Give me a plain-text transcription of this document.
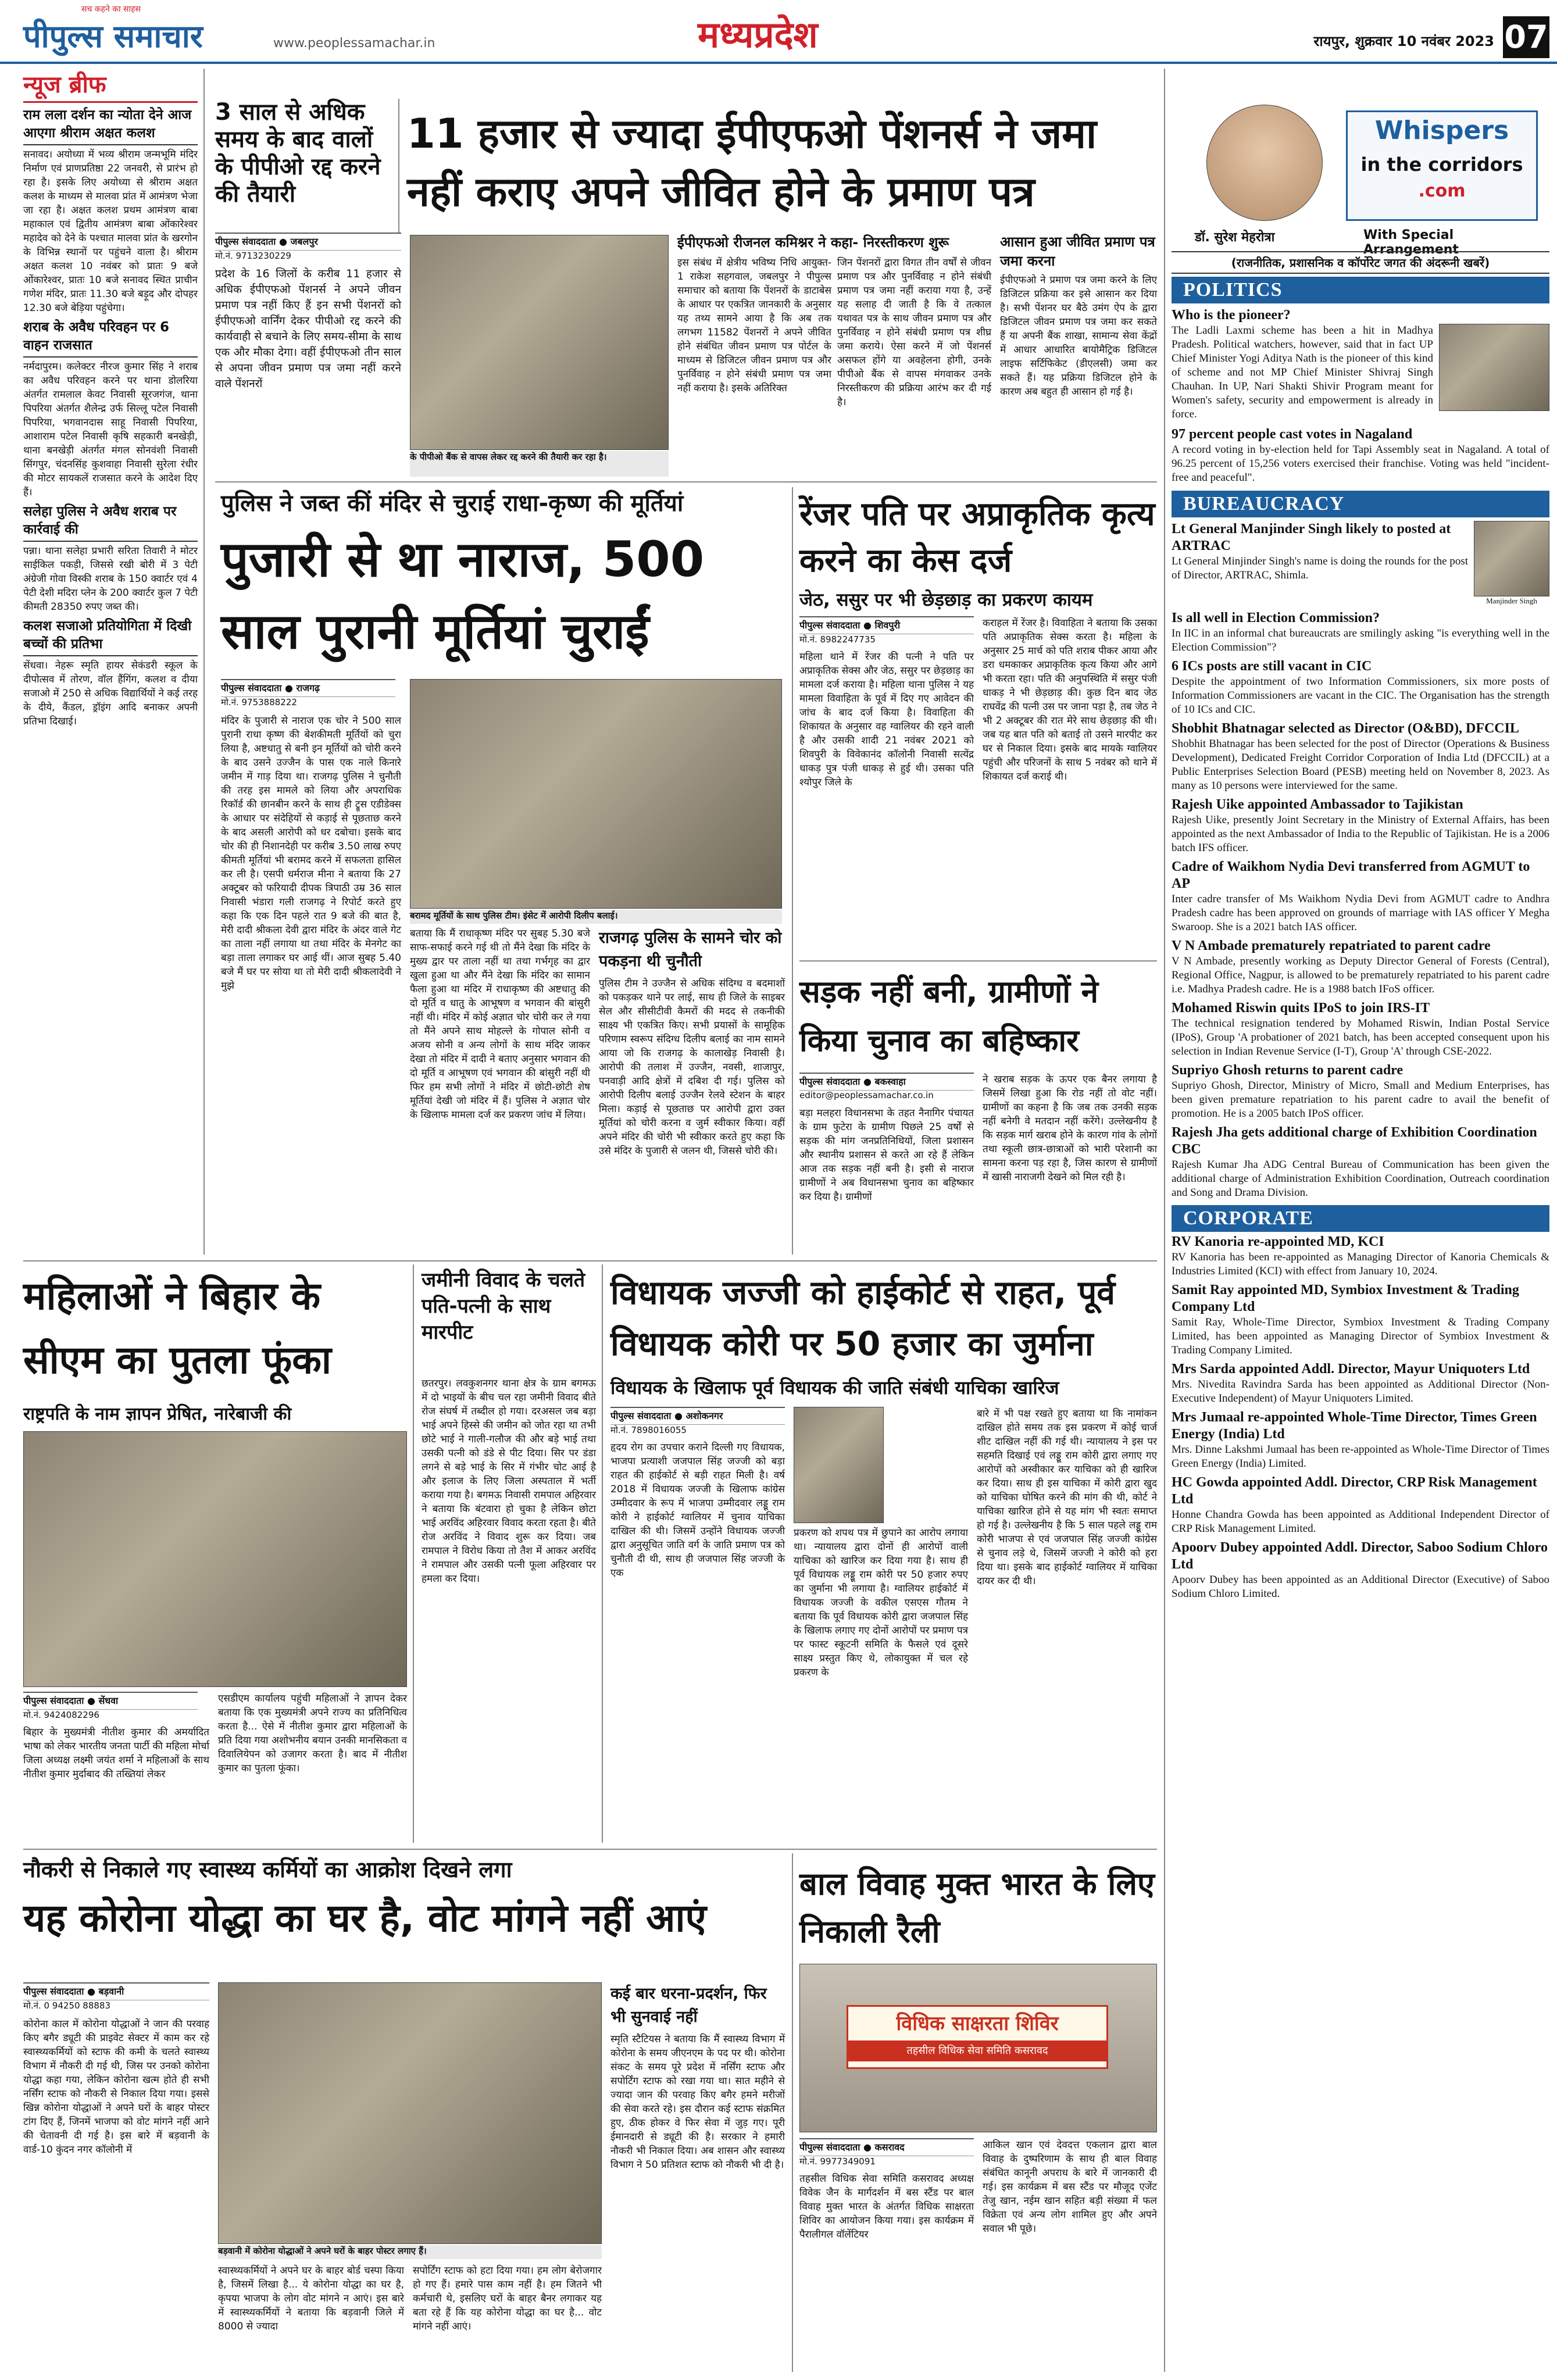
पीपुल्स समाचार
सच कहने का साहस
www.peoplessamachar.in	मध्यप्रदेश	रायपुर, शुक्रवार 10 नवंबर 2023 07
न्यूज ब्रीफ
राम लला दर्शन का न्योता देने आज आएगा श्रीराम अक्षत कलश
सनावद। अयोध्या में भव्य श्रीराम जन्मभूमि मंदिर निर्माण एवं प्राणप्रतिष्ठा 22 जनवरी, से प्रारंभ हो रहा है। इसके लिए अयोध्या से श्रीराम अक्षत कलश के माध्यम से मालवा प्रांत में आमंत्रण भेजा जा रहा है। अक्षत कलश प्रथम आमंत्रण बाबा महाकाल एवं द्वितीय आमंत्रण बाबा ओंकारेश्वर महादेव को देने के पश्चात मालवा प्रांत के खरगोन के विभिन्न स्थानों पर पहुंचने वाला है। श्रीराम अक्षत कलश 10 नवंबर को प्रातः 9 बजे ओंकारेश्वर, प्रातः 10 बजे सनावद स्थित प्राचीन गणेश मंदिर, प्रातः 11.30 बजे बड़ूद और दोपहर 12.30 बजे बेड़िया पहुंचेगा।
शराब के अवैध परिवहन पर 6 वाहन राजसात
नर्मदापुरम। कलेक्टर नीरज कुमार सिंह ने शराब का अवैध परिवहन करने पर थाना डोलरिया अंतर्गत रामलाल केवट निवासी सूरजगंज, थाना पिपरिया अंतर्गत शैलेन्द्र उर्फ सिल्लू पटेल निवासी पिपरिया, भगवानदास साहू निवासी पिपरिया, आशाराम पटेल निवासी कृषि सहकारी बनखेड़ी, थाना बनखेड़ी अंतर्गत मंगल सोनवंशी निवासी सिंगपुर, चंदनसिंह कुशवाहा निवासी सुरेला रंधीर की मोटर सायकलें राजसात करने के आदेश दिए हैं।
सलेहा पुलिस ने अवैध शराब पर कार्रवाई की
पन्ना। थाना सलेहा प्रभारी सरिता तिवारी ने मोटर साईकिल पकड़ी, जिससे रखी बोरी में 3 पेटी अंग्रेजी गोवा विस्की शराब के 150 क्वार्टर एवं 4 पेटी देशी मदिरा प्लेन के 200 क्वार्टर कुल 7 पेटी कीमती 28350 रुपए जब्त की।
कलश सजाओ प्रतियोगिता में दिखी बच्चों की प्रतिभा
सेंधवा। नेहरू स्मृति हायर सेकंडरी स्कूल के दीपोत्सव में तोरण, वॉल हैंगिंग, कलश व दीया सजाओ में 250 से अधिक विद्यार्थियों ने कई तरह के दीये, कैंडल, ड्रॉइंग आदि बनाकर अपनी प्रतिभा दिखाई।
3 साल से अधिक समय के बाद वालों के पीपीओ रद्द करने की तैयारी
11 हजार से ज्यादा ईपीएफओ पेंशनर्स ने जमा नहीं कराए अपने जीवित होने के प्रमाण पत्र
पीपुल्स संवाददाता ● जबलपुर
मो.नं. 9713230229
प्रदेश के 16 जिलों के करीब 11 हजार से अधिक ईपीएफओ पेंशनर्स ने अपने जीवन प्रमाण पत्र नहीं किए हैं इन सभी पेंशनरों को ईपीएफओ वार्निंग देकर पीपीओ रद्द करने की कार्यवाही से बचाने के लिए समय-सीमा के साथ एक और मौका देगा। वहीं ईपीएफओ तीन साल से अपना जीवन प्रमाण पत्र जमा नहीं करने वाले पेंशनरों
के पीपीओ बैंक से वापस लेकर रद्द करने की तैयारी कर रहा है।
ईपीएफओ रीजनल कमिश्नर ने कहा- निरस्तीकरण शुरू
इस संबंध में क्षेत्रीय भविष्य निधि आयुक्त- 1 राकेश सहगवाल, जबलपुर ने पीपुल्स समाचार को बताया कि पेंशनरों के डाटाबेस के आधार पर एकत्रित जानकारी के अनुसार यह तथ्य सामने आया है कि अब तक लगभग 11582 पेंशनरों ने अपने जीवित होने संबंधित जीवन प्रमाण पत्र पोर्टल के माध्यम से डिजिटल जीवन प्रमाण पत्र और पुनर्विवाह न होने संबंधी प्रमाण पत्र जमा नहीं कराया है। इसके अतिरिक्त
जिन पेंशनरों द्वारा विगत तीन वर्षों से जीवन प्रमाण पत्र और पुनर्विवाह न होने संबंधी प्रमाण पत्र जमा नहीं कराया गया है, उन्हें यह सलाह दी जाती है कि वे तत्काल यथावत पत्र के साथ जीवन प्रमाण पत्र और पुनर्विवाह न होने संबंधी प्रमाण पत्र शीघ्र जमा कराये। ऐसा करने में जो पेंशनर्स असफल होंगे या अवहेलना होगी, उनके पीपीओ बैंक से वापस मंगवाकर उनके निरस्तीकरण की प्रक्रिया आरंभ कर दी गई है।
आसान हुआ जीवित प्रमाण पत्र जमा करना
ईपीएफओ ने प्रमाण पत्र जमा करने के लिए डिजिटल प्रक्रिया कर इसे आसान कर दिया है। सभी पेंशनर घर बैठे उमंग ऐप के द्वारा डिजिटल जीवन प्रमाण पत्र जमा कर सकते हैं या अपनी बैंक शाखा, सामान्य सेवा केंद्रों में आधार आधारित बायोमैट्रिक डिजिटल लाइफ सर्टिफिकेट (डीएलसी) जमा कर सकते हैं। यह प्रक्रिया डिजिटल होने के कारण अब बहुत ही आसान हो गई है।
पुलिस ने जब्त कीं मंदिर से चुराई राधा-कृष्ण की मूर्तियां
पुजारी से था नाराज, 500 साल पुरानी मूर्तियां चुराईं
पीपुल्स संवाददाता ● राजगढ़
मो.नं. 9753888222
बरामद मूर्तियों के साथ पुलिस टीम। इंसेट में आरोपी दिलीप बलाई।
मंदिर के पुजारी से नाराज एक चोर ने 500 साल पुरानी राधा कृष्ण की बेशकीमती मूर्तियों को चुरा लिया है, अष्टधातु से बनी इन मूर्तियों को चोरी करने के बाद उसने उज्जैन के पास एक नाले किनारे जमीन में गाड़ दिया था। राजगढ़ पुलिस ने चुनौती की तरह इस मामले को लिया और अपराधिक रिकॉर्ड की छानबीन करने के साथ ही ट्रूस एडीडेक्स के आधार पर संदेहियों से कड़ाई से पूछताछ करने के बाद असली आरोपी को धर दबोचा। इसके बाद चोर की ही निशानदेही पर करीब 3.50 लाख रुपए कीमती मूर्तियां भी बरामद करने में सफलता हासिल कर ली है। एसपी धर्मराज मीना ने बताया कि 27 अक्टूबर को फरियादी दीपक त्रिपाठी उम्र 36 साल निवासी भंडारा गली राजगढ़ ने रिपोर्ट करते हुए कहा कि एक दिन पहले रात 9 बजे की बात है, मेरी दादी श्रीकला देवी द्वारा मंदिर के अंदर वाले गेट का ताला नहीं लगाया था तथा मंदिर के मेनगेट का बड़ा ताला लगाकर घर आई थीं। आज सुबह 5.40 बजे मैं घर पर सोया था तो मेरी दादी श्रीकलादेवी ने मुझे
बताया कि मैं राधाकृष्ण मंदिर पर सुबह 5.30 बजे साफ-सफाई करने गई थी तो मैंने देखा कि मंदिर के मुख्य द्वार पर ताला नहीं था तथा गर्भगृह का द्वार खुला हुआ था और मैंने देखा कि मंदिर का सामान फैला हुआ था मंदिर में राधाकृष्ण की अष्टधातु की दो मूर्ति व धातु के आभूषण व भगवान की बांसुरी नहीं थी। मंदिर में कोई अज्ञात चोर चोरी कर ले गया तो मैंने अपने साथ मोहल्ले के गोपाल सोनी व अजय सोनी व अन्य लोगों के साथ मंदिर जाकर देखा तो मंदिर में दादी ने बताए अनुसार भगवान की दो मूर्ति व आभूषण एवं भगवान की बांसुरी नहीं थी फिर हम सभी लोगों ने मंदिर में छोटी-छोटी शेष मूर्तियां देखी जो मंदिर में हैं। पुलिस ने अज्ञात चोर के खिलाफ मामला दर्ज कर प्रकरण जांच में लिया।
राजगढ़ पुलिस के सामने चोर को पकड़ना थी चुनौती
पुलिस टीम ने उज्जैन से अधिक संदिग्ध व बदमाशों को पकड़कर थाने पर लाई, साथ ही जिले के साइबर सेल और सीसीटीवी कैमरों की मदद से तकनीकी साक्ष्य भी एकत्रित किए। सभी प्रयासों के सामूहिक परिणाम स्वरूप संदिग्ध दिलीप बलाई का नाम सामने आया जो कि राजगढ़ के कालाखेड़ निवासी है। आरोपी की तलाश में उज्जैन, नवसी, शाजापुर, पनवाड़ी आदि क्षेत्रों में दबिश दी गई। पुलिस को आरोपी दिलीप बलाई उज्जैन रेलवे स्टेशन के बाहर मिला। कड़ाई से पूछताछ पर आरोपी द्वारा उक्त मूर्तियां को चोरी करना व जुर्म स्वीकार किया। वहीं अपने मंदिर की चोरी भी स्वीकार करते हुए कहा कि उसे मंदिर के पुजारी से जलन थी, जिससे चोरी की।
रेंजर पति पर अप्राकृतिक कृत्य करने का केस दर्ज
जेठ, ससुर पर भी छेड़छाड़ का प्रकरण कायम
पीपुल्स संवाददाता ● शिवपुरी
मो.नं. 8982247735
महिला थाने में रेंजर की पत्नी ने पति पर अप्राकृतिक सेक्स और जेठ, ससुर पर छेड़छाड़ का मामला दर्ज कराया है। महिला थाना पुलिस ने यह मामला विवाहिता के पूर्व में दिए गए आवेदन की जांच के बाद दर्ज किया है। विवाहिता की शिकायत के अनुसार वह ग्वालियर की रहने वाली है और उसकी शादी 21 नवंबर 2021 को शिवपुरी के विवेकानंद कॉलोनी निवासी सत्येंद्र धाकड़ पुत्र पंजी धाकड़ से हुई थी। उसका पति श्योपुर जिले के
कराहल में रेंजर है। विवाहिता ने बताया कि उसका पति अप्राकृतिक सेक्स करता है। महिला के अनुसार 25 मार्च को पति शराब पीकर आया और डरा धमकाकर अप्राकृतिक कृत्य किया और आगे भी करता रहा। पति की अनुपस्थिति में ससुर पंजी धाकड़ ने भी छेड़छाड़ की। कुछ दिन बाद जेठ राघवेंद्र की पत्नी उस पर जाना पड़ा है, तब जेठ ने भी 2 अक्टूबर की रात मेरे साथ छेड़छाड़ की थी। जब यह बात पति को बताई तो उसने मारपीट कर घर से निकाल दिया। इसके बाद मायके ग्वालियर पहुंची और परिजनों के साथ 5 नवंबर को थाने में शिकायत दर्ज कराई थी।
सड़क नहीं बनी, ग्रामीणों ने किया चुनाव का बहिष्कार
पीपुल्स संवाददाता ● बकस्वाहा
editor@peoplessamachar.co.in
बड़ा मलहरा विधानसभा के तहत नैनागिर पंचायत के ग्राम फुटेरा के ग्रामीण पिछले 25 वर्षों से सड़क की मांग जनप्रतिनिधियों, जिला प्रशासन और स्थानीय प्रशासन से करते आ रहे हैं लेकिन आज तक सड़क नहीं बनी है। इसी से नाराज ग्रामीणों ने अब विधानसभा चुनाव का बहिष्कार कर दिया है। ग्रामीणों
ने खराब सड़क के ऊपर एक बैनर लगाया है जिसमें लिखा हुआ कि रोड नहीं तो वोट नहीं। ग्रामीणों का कहना है कि जब तक उनकी सड़क नहीं बनेगी वे मतदान नहीं करेंगे। उल्लेखनीय है कि सड़क मार्ग खराब होने के कारण गांव के लोगों तथा स्कूली छात्र-छात्राओं को भारी परेशानी का सामना करना पड़ रहा है, जिस कारण से ग्रामीणों में खासी नाराजगी देखने को मिल रही है।
महिलाओं ने बिहार के सीएम का पुतला फूंका
राष्ट्रपति के नाम ज्ञापन प्रेषित, नारेबाजी की
पीपुल्स संवाददाता ● सेंधवा
मो.नं. 9424082296
बिहार के मुख्यमंत्री नीतीश कुमार की अमर्यादित भाषा को लेकर भारतीय जनता पार्टी की महिला मोर्चा जिला अध्यक्ष लक्ष्मी जयंत शर्मा ने महिलाओं के साथ नीतीश कुमार मुर्दाबाद की तख्तियां लेकर
एसडीएम कार्यालय पहुंची महिलाओं ने ज्ञापन देकर बताया कि एक मुख्यमंत्री अपने राज्य का प्रतिनिधित्व करता है... ऐसे में नीतीश कुमार द्वारा महिलाओं के प्रति दिया गया अशोभनीय बयान उनकी मानसिकता व दिवालियेपन को उजागर करता है। बाद में नीतीश कुमार का पुतला फूंका।
जमीनी विवाद के चलते पति-पत्नी के साथ मारपीट
छतरपुर। लवकुशनगर थाना क्षेत्र के ग्राम बगमऊ में दो भाइयों के बीच चल रहा जमीनी विवाद बीते रोज संघर्ष में तब्दील हो गया। दरअसल जब बड़ा भाई अपने हिस्से की जमीन को जोत रहा था तभी छोटे भाई ने गाली-गलौज की और बड़े भाई तथा उसकी पत्नी को डंडे से पीट दिया। सिर पर डंडा लगने से बड़े भाई के सिर में गंभीर चोट आई है और इलाज के लिए जिला अस्पताल में भर्ती कराया गया है। बगमऊ निवासी रामपाल अहिरवार ने बताया कि बंटवारा हो चुका है लेकिन छोटा भाई अरविंद अहिरवार विवाद करता रहता है। बीते रोज अरविंद ने विवाद शुरू कर दिया। जब रामपाल ने विरोध किया तो तैश में आकर अरविंद ने रामपाल और उसकी पत्नी फूला अहिरवार पर हमला कर दिया।
विधायक जज्जी को हाईकोर्ट से राहत, पूर्व विधायक कोरी पर 50 हजार का जुर्माना
विधायक के खिलाफ पूर्व विधायक की जाति संबंधी याचिका खारिज
पीपुल्स संवाददाता ● अशोकनगर
मो.नं. 7898016055
हृदय रोग का उपचार कराने दिल्ली गए विधायक, भाजपा प्रत्याशी जजपाल सिंह जज्जी को बड़ा राहत की हाईकोर्ट से बड़ी राहत मिली है। वर्ष 2018 में विधायक जज्जी के खिलाफ कांग्रेस उम्मीदवार के रूप में भाजपा उम्मीदवार लड्डू राम कोरी ने हाईकोर्ट ग्वालियर में चुनाव याचिका दाखिल की थी। जिसमें उन्होंने विधायक जज्जी द्वारा अनुसूचित जाति वर्ग के जाति प्रमाण पत्र को चुनौती दी थी, साथ ही जजपाल सिंह जज्जी के एक
प्रकरण को शपथ पत्र में छुपाने का आरोप लगाया था। न्यायालय द्वारा दोनों ही आरोपों वाली याचिका को खारिज कर दिया गया है। साथ ही पूर्व विधायक लड्डू राम कोरी पर 50 हजार रुपए का जुर्माना भी लगाया है। ग्वालियर हाईकोर्ट में विधायक जज्जी के वकील एसएस गौतम ने बताया कि पूर्व विधायक कोरी द्वारा जजपाल सिंह के खिलाफ लगाए गए दोनों आरोपों पर प्रमाण पत्र पर फास्ट स्कूटनी समिति के फैसले एवं दूसरे साक्ष्य प्रस्तुत किए थे, लोकायुक्त में चल रहे प्रकरण के
बारे में भी पक्ष रखते हुए बताया था कि नामांकन दाखिल होते समय तक इस प्रकरण में कोई चार्ज शीट दाखिल नहीं की गई थी। न्यायालय ने इस पर सहमति दिखाई एवं लड्डू राम कोरी द्वारा लगाए गए आरोपों को अस्वीकार कर याचिका को ही खारिज कर दिया। साथ ही इस याचिका में कोरी द्वारा खुद को याचिका घोषित करने की मांग की थी, कोर्ट ने याचिका खारिज होने से यह मांग भी स्वतः समाप्त हो गई है। उल्लेखनीय है कि 5 साल पहले लड्डू राम कोरी भाजपा से एवं जजपाल सिंह जज्जी कांग्रेस से चुनाव लड़े थे, जिसमें जज्जी ने कोरी को हरा दिया था। इसके बाद हाईकोर्ट ग्वालियर में याचिका दायर कर दी थी।
नौकरी से निकाले गए स्वास्थ्य कर्मियों का आक्रोश दिखने लगा
यह कोरोना योद्धा का घर है, वोट मांगने नहीं आएं
पीपुल्स संवाददाता ● बड़वानी
मो.नं. 0 94250 88883
कोरोना काल में कोरोना योद्धाओं ने जान की परवाह किए बगैर ड्यूटी की प्राइवेट सेक्टर में काम कर रहे स्वास्थ्यकर्मियों को स्टाफ की कमी के चलते स्वास्थ्य विभाग में नौकरी दी गई थी, जिस पर उनको कोरोना योद्धा कहा गया, लेकिन कोरोना खत्म होते ही सभी नर्सिंग स्टाफ को नौकरी से निकाल दिया गया। इससे खिन्न कोरोना योद्धाओं ने अपने घरों के बाहर पोस्टर टांग दिए हैं, जिनमें भाजपा को वोट मांगने नहीं आने की चेतावनी दी गई है। इस बारे में बड़वानी के वार्ड-10 कुंदन नगर कॉलोनी में
बड़वानी में कोरोना योद्धाओं ने अपने घरों के बाहर पोस्टर लगाए हैं।
स्वास्थ्यकर्मियों ने अपने घर के बाहर बोर्ड चस्पा किया है, जिसमें लिखा है... ये कोरोना योद्धा का घर है, कृपया भाजपा के लोग वोट मांगने न आएं। इस बारे में स्वास्थ्यकर्मियों ने बताया कि बड़वानी जिले में 8000 से ज्यादा
सपोर्टिंग स्टाफ को हटा दिया गया। हम लोग बेरोजगार हो गए हैं। हमारे पास काम नहीं है। हम जितने भी कर्मचारी थे, इसलिए घरों के बाहर बैनर लगाकर यह बता रहे हैं कि यह कोरोना योद्धा का घर है... वोट मांगने नहीं आएं।
कई बार धरना-प्रदर्शन, फिर भी सुनवाई नहीं
स्मृति स्टैटियस ने बताया कि मैं स्वास्थ्य विभाग में कोरोना के समय जीएनएम के पद पर थी। कोरोना संकट के समय पूरे प्रदेश में नर्सिंग स्टाफ और सपोर्टिंग स्टाफ को रखा गया था। सात महीने से ज्यादा जान की परवाह किए बगैर हमने मरीजों की सेवा करते रहे। इस दौरान कई स्टाफ संक्रमित हुए, ठीक होकर वे फिर सेवा में जुड़ गए। पूरी ईमानदारी से ड्यूटी की है। सरकार ने हमारी नौकरी भी निकाल दिया। अब शासन और स्वास्थ्य विभाग ने 50 प्रतिशत स्टाफ को नौकरी भी दी है।
बाल विवाह मुक्त भारत के लिए निकाली रैली
विधिक साक्षरता शिविर
तहसील विधिक सेवा समिति कसरावद
पीपुल्स संवाददाता ● कसरावद
मो.नं. 9977349091
तहसील विधिक सेवा समिति कसरावद अध्यक्ष विवेक जैन के मार्गदर्शन में बस स्टैंड पर बाल विवाह मुक्त भारत के अंतर्गत विधिक साक्षरता शिविर का आयोजन किया गया। इस कार्यक्रम में पैरालीगल वॉलेंटियर
आकिल खान एवं देवदत्त एकलान द्वारा बाल विवाह के दुष्परिणाम के साथ ही बाल विवाह संबंधित कानूनी अपराध के बारे में जानकारी दी गई। इस कार्यक्रम में बस स्टैंड पर मौजूद एजेंट तेजु खान, नईम खान सहित बड़ी संख्या में फल विक्रेता एवं अन्य लोग शामिल हुए और अपने सवाल भी पूछे।
Whispers
in the corridors
.com
डॉ. सुरेश मेहरोत्रा	With Special Arrangement
(राजनीतिक, प्रशासनिक व कॉर्पोरेट जगत की अंदरूनी खबरें)
POLITICS
Who is the pioneer?
The Ladli Laxmi scheme has been a hit in Madhya Pradesh. Political watchers, however, said that in fact UP Chief Minister Yogi Aditya Nath is the pioneer of this kind of scheme and not MP Chief Minister Shivraj Singh Chauhan. In UP, Nari Shakti Shivir Program meant for Women's safety, security and empowerment is already in force.
97 percent people cast votes in Nagaland
A record voting in by-election held for Tapi Assembly seat in Nagaland. A total of 96.25 percent of 15,256 voters exercised their franchise. Voting was held "incident-free and peaceful".
BUREAUCRACY
Lt General Manjinder Singh likely to posted at ARTRAC
Lt General Minjinder Singh's name is doing the rounds for the post of Director, ARTRAC, Shimla.
Manjinder Singh
Is all well in Election Commission?
In IIC in an informal chat bureaucrats are smilingly asking "is everything well in the Election Commission"?
6 ICs posts are still vacant in CIC
Despite the appointment of two Information Commissioners, six more posts of Information Commissioners are vacant in the CIC. The Organisation has the strength of 10 ICs and CIC.
Shobhit Bhatnagar selected as Director (O&BD), DFCCIL
Shobhit Bhatnagar has been selected for the post of Director (Operations & Business Development), Dedicated Freight Corridor Corporation of India Ltd (DFCCIL) at a Public Enterprises Selection Board (PESB) meeting held on November 8, 2023. As many as 10 persons were interviewed for the same.
Rajesh Uike appointed Ambassador to Tajikistan
Rajesh Uike, presently Joint Secretary in the Ministry of External Affairs, has been appointed as the next Ambassador of India to the Republic of Tajikistan. He is a 2006 batch IFS officer.
Cadre of Waikhom Nydia Devi transferred from AGMUT to AP
Inter cadre transfer of Ms Waikhom Nydia Devi from AGMUT cadre to Andhra Pradesh cadre has been approved on grounds of marriage with IAS officer Y Megha Swaroop. She is a 2021 batch IAS officer.
V N Ambade prematurely repatriated to parent cadre
V N Ambade, presently working as Deputy Director General of Forests (Central), Regional Office, Nagpur, is allowed to be prematurely repatriated to his parent cadre i.e. Madhya Pradesh cadre. He is a 1988 batch IFoS officer.
Mohamed Riswin quits IPoS to join IRS-IT
The technical resignation tendered by Mohamed Riswin, Indian Postal Service (IPoS), Group 'A probationer of 2021 batch, has been accepted consequent upon his selection in Indian Revenue Service (I-T), Group 'A' through CSE-2022.
Supriyo Ghosh returns to parent cadre
Supriyo Ghosh, Director, Ministry of Micro, Small and Medium Enterprises, has been given premature repatriation to his parent cadre to avail the benefit of promotion. He is a 2005 batch IPoS officer.
Rajesh Jha gets additional charge of Exhibition Coordination CBC
Rajesh Kumar Jha ADG Central Bureau of Communication has been given the additional charge of Administration Exhibition Coordination, Outreach coordination and Song and Drama Division.
CORPORATE
RV Kanoria re-appointed MD, KCI
RV Kanoria has been re-appointed as Managing Director of Kanoria Chemicals & Industries Limited (KCI) with effect from January 10, 2024.
Samit Ray appointed MD, Symbiox Investment & Trading Company Ltd
Samit Ray, Whole-Time Director, Symbiox Investment & Trading Company Limited, has been appointed as Managing Director of Symbiox Investment & Trading Company Limited.
Mrs Sarda appointed Addl. Director, Mayur Uniquoters Ltd
Mrs. Nivedita Ravindra Sarda has been appointed as Additional Director (Non-Executive Independent) of Mayur Uniquoters Limited.
Mrs Jumaal re-appointed Whole-Time Director, Times Green Energy (India) Ltd
Mrs. Dinne Lakshmi Jumaal has been re-appointed as Whole-Time Director of Times Green Energy (India) Limited.
HC Gowda appointed Addl. Director, CRP Risk Management Ltd
Honne Chandra Gowda has been appointed as Additional Independent Director of CRP Risk Management Limited.
Apoorv Dubey appointed Addl. Director, Saboo Sodium Chloro Ltd
Apoorv Dubey has been appointed as an Additional Director (Executive) of Saboo Sodium Chloro Limited.
